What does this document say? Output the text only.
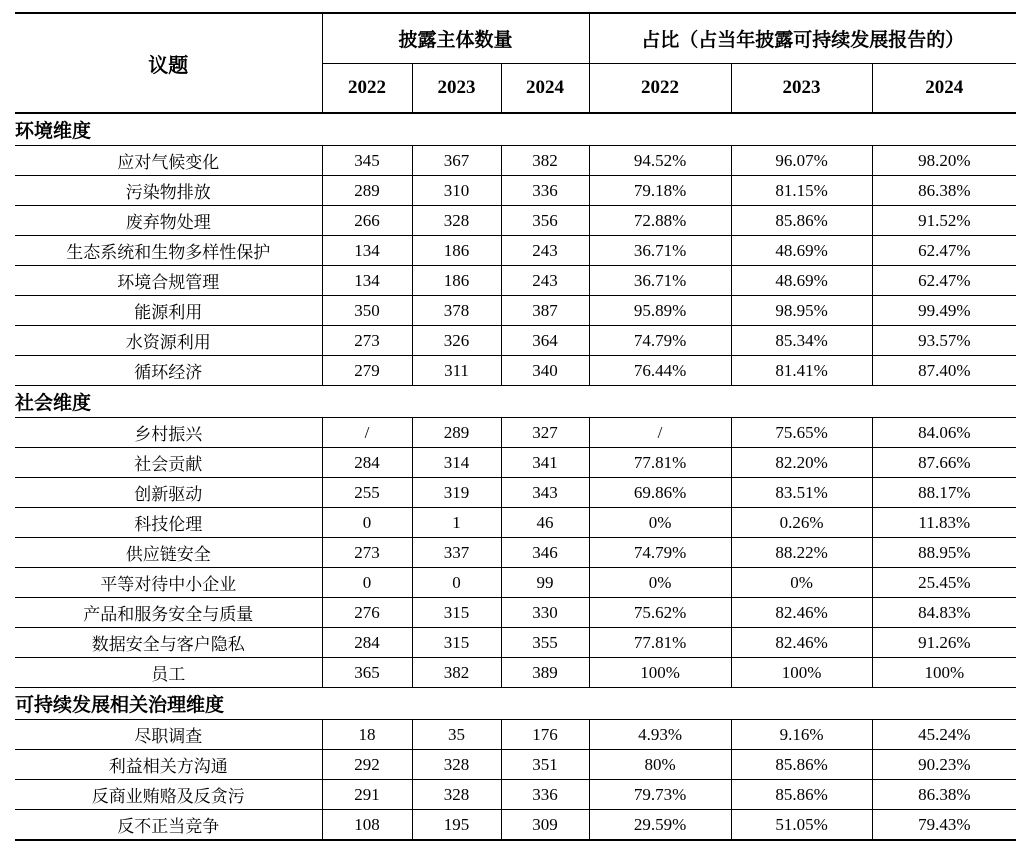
议题	披露主体数量			占比（占当年披露可持续发展报告的）		
	2022	2023	2024	2022	2023	2024
环境维度						
应对气候变化	345	367	382	94.52%	96.07%	98.20%
污染物排放	289	310	336	79.18%	81.15%	86.38%
废弃物处理	266	328	356	72.88%	85.86%	91.52%
生态系统和生物多样性保护	134	186	243	36.71%	48.69%	62.47%
环境合规管理	134	186	243	36.71%	48.69%	62.47%
能源利用	350	378	387	95.89%	98.95%	99.49%
水资源利用	273	326	364	74.79%	85.34%	93.57%
循环经济	279	311	340	76.44%	81.41%	87.40%
社会维度						
乡村振兴	/	289	327	/	75.65%	84.06%
社会贡献	284	314	341	77.81%	82.20%	87.66%
创新驱动	255	319	343	69.86%	83.51%	88.17%
科技伦理	0	1	46	0%	0.26%	11.83%
供应链安全	273	337	346	74.79%	88.22%	88.95%
平等对待中小企业	0	0	99	0%	0%	25.45%
产品和服务安全与质量	276	315	330	75.62%	82.46%	84.83%
数据安全与客户隐私	284	315	355	77.81%	82.46%	91.26%
员工	365	382	389	100%	100%	100%
可持续发展相关治理维度						
尽职调查	18	35	176	4.93%	9.16%	45.24%
利益相关方沟通	292	328	351	80%	85.86%	90.23%
反商业贿赂及反贪污	291	328	336	79.73%	85.86%	86.38%
反不正当竞争	108	195	309	29.59%	51.05%	79.43%
